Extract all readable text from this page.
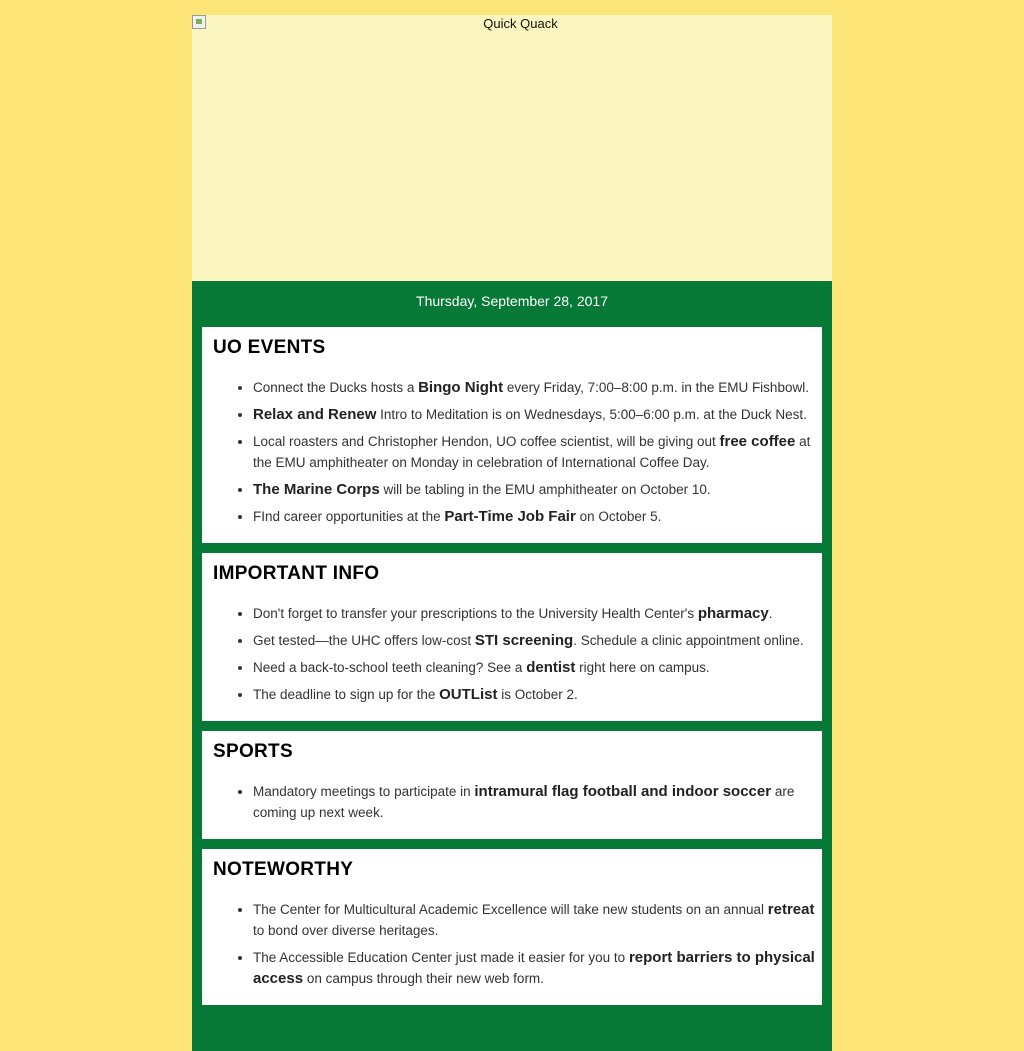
Quick Quack
Thursday, September 28, 2017
UO EVENTS
• Connect the Ducks hosts a Bingo Night every Friday, 7:00–8:00 p.m. in the EMU Fishbowl.
• Relax and Renew Intro to Meditation is on Wednesdays, 5:00–6:00 p.m. at the Duck Nest.
• Local roasters and Christopher Hendon, UO coffee scientist, will be giving out free coffee at the EMU amphitheater on Monday in celebration of International Coffee Day.
• The Marine Corps will be tabling in the EMU amphitheater on October 10.
• FInd career opportunities at the Part-Time Job Fair on October 5.
IMPORTANT INFO
• Don't forget to transfer your prescriptions to the University Health Center's pharmacy.
• Get tested—the UHC offers low-cost STI screening. Schedule a clinic appointment online.
• Need a back-to-school teeth cleaning? See a dentist right here on campus.
• The deadline to sign up for the OUTList is October 2.
SPORTS
• Mandatory meetings to participate in intramural flag football and indoor soccer are coming up next week.
NOTEWORTHY
• The Center for Multicultural Academic Excellence will take new students on an annual retreat to bond over diverse heritages.
• The Accessible Education Center just made it easier for you to report barriers to physical access on campus through their new web form.
